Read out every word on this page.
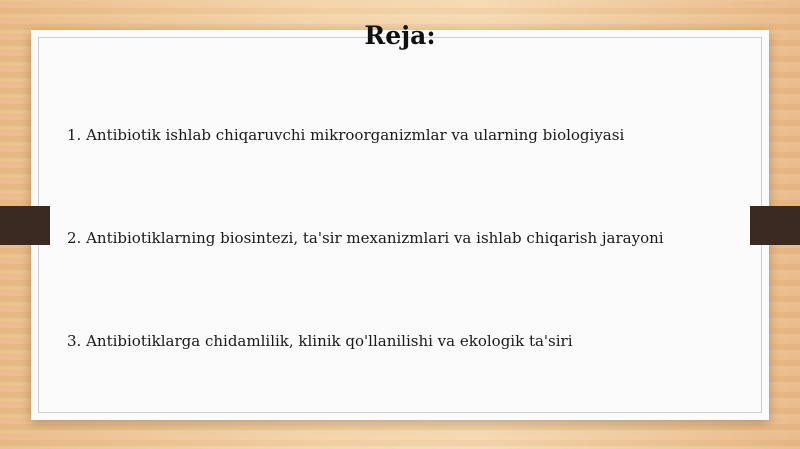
Reja:
1. Antibiotik ishlab chiqaruvchi mikroorganizmlar va ularning biologiyasi
2. Antibiotiklarning biosintezi, ta'sir mexanizmlari va ishlab chiqarish jarayoni
3. Antibiotiklarga chidamlilik, klinik qo'llanilishi va ekologik ta'siri
